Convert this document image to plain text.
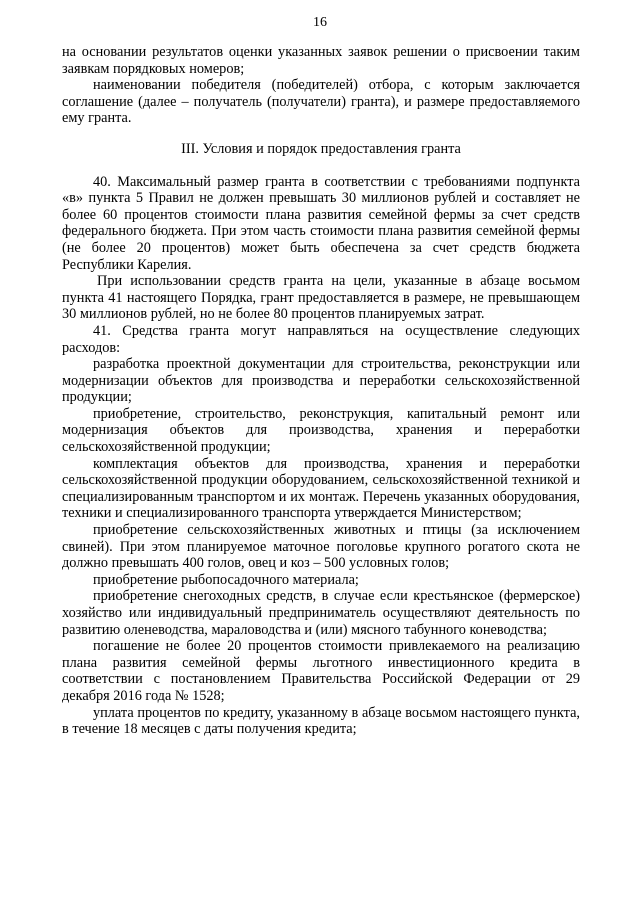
16

на основании результатов оценки указанных заявок решении о присвоении таким заявкам порядковых номеров;

наименовании победителя (победителей) отбора, с которым заключается соглашение (далее – получатель (получатели) гранта), и размере предоставляемого ему гранта.

III. Условия и порядок предоставления гранта

40. Максимальный размер гранта в соответствии с требованиями подпункта «в» пункта 5 Правил не должен превышать 30 миллионов рублей и составляет не более 60 процентов стоимости плана развития семейной фермы за счет средств федерального бюджета. При этом часть стоимости плана развития семейной фермы (не более 20 процентов) может быть обеспечена за счет средств бюджета Республики Карелия.

При использовании средств гранта на цели, указанные в абзаце восьмом пункта 41 настоящего Порядка, грант предоставляется в размере, не превышающем 30 миллионов рублей, но не более 80 процентов планируемых затрат.

41. Средства гранта могут направляться на осуществление следующих расходов:

разработка проектной документации для строительства, реконструкции или модернизации объектов для производства и переработки сельскохозяйственной продукции;

приобретение, строительство, реконструкция, капитальный ремонт или модернизация объектов для производства, хранения и переработки сельскохозяйственной продукции;

комплектация объектов для производства, хранения и переработки сельскохозяйственной продукции оборудованием, сельскохозяйственной техникой и специализированным транспортом и их монтаж. Перечень указанных оборудования, техники и специализированного транспорта утверждается Министерством;

приобретение сельскохозяйственных животных и птицы (за исключением свиней). При этом планируемое маточное поголовье крупного рогатого скота не должно превышать 400 голов, овец и коз – 500 условных голов;

приобретение рыбопосадочного материала;

приобретение снегоходных средств, в случае если крестьянское (фермерское) хозяйство или индивидуальный предприниматель осуществляют деятельность по развитию оленеводства, мараловодства и (или) мясного табунного коневодства;

погашение не более 20 процентов стоимости привлекаемого на реализацию плана развития семейной фермы льготного инвестиционного кредита в соответствии с постановлением Правительства Российской Федерации от 29 декабря 2016 года № 1528;

уплата процентов по кредиту, указанному в абзаце восьмом настоящего пункта, в течение 18 месяцев с даты получения кредита;
